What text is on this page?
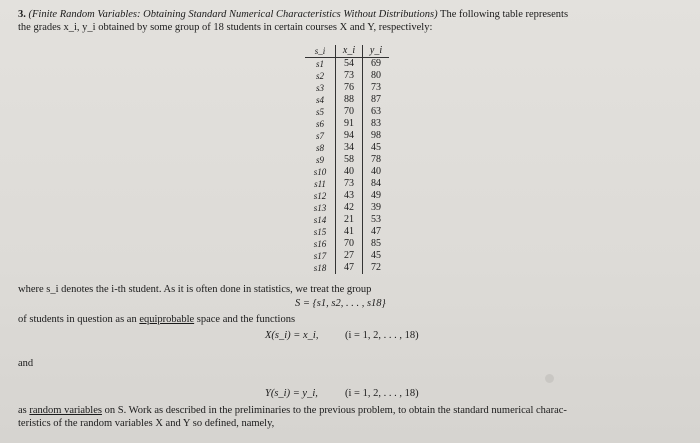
3. (Finite Random Variables: Obtaining Standard Numerical Characteristics Without Distributions) The following table represents
the grades x_i, y_i obtained by some group of 18 students in certain courses X and Y, respectively:
s_i	x_i	y_i
s1	54	69
s2	73	80
s3	76	73
s4	88	87
s5	70	63
s6	91	83
s7	94	98
s8	34	45
s9	58	78
s10	40	40
s11	73	84
s12	43	49
s13	42	39
s14	21	53
s15	41	47
s16	70	85
s17	27	45
s18	47	72
where s_i denotes the i-th student. As it is often done in statistics, we treat the group
S = {s1, s2, . . . , s18}
of students in question as an equiprobable space and the functions
X(s_i) = x_i,	(i = 1, 2, . . . , 18)
and
Y(s_i) = y_i,	(i = 1, 2, . . . , 18)
as random variables on S. Work as described in the preliminaries to the previous problem, to obtain the standard numerical charac-
teristics of the random variables X and Y so defined, namely,
